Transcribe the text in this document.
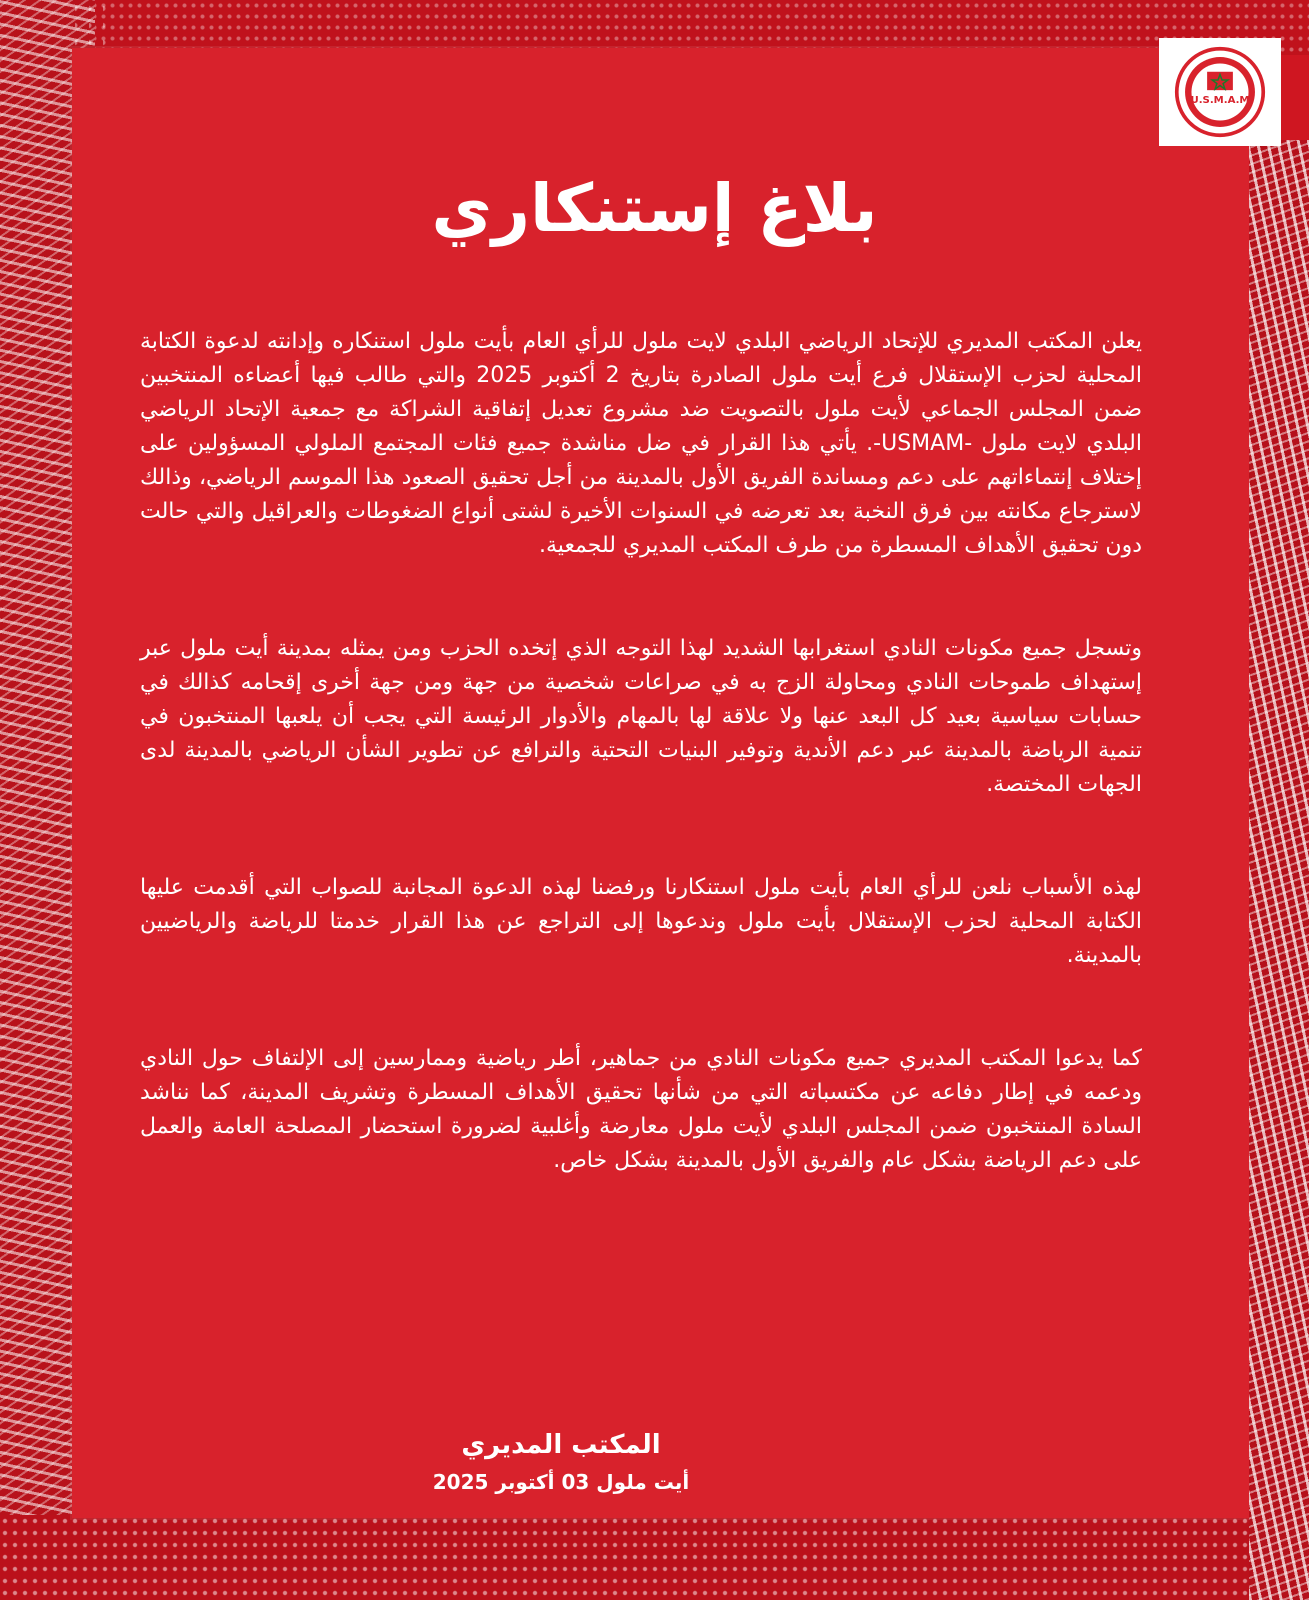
U.S.M.A.M
بلاغ إستنكاري

يعلن المكتب المديري للإتحاد الرياضي البلدي لايت ملول للرأي العام بأيت ملول استنكاره وإدانته لدعوة الكتابة المحلية لحزب الإستقلال فرع أيت ملول الصادرة بتاريخ 2 أكتوبر 2025 والتي طالب فيها أعضاءه المنتخبين ضمن المجلس الجماعي لأيت ملول بالتصويت ضد مشروع تعديل إتفاقية الشراكة مع جمعية الإتحاد الرياضي البلدي لايت ملول -USMAM-. يأتي هذا القرار في ضل مناشدة جميع فئات المجتمع الملولي المسؤولين على إختلاف إنتماءاتهم على دعم ومساندة الفريق الأول بالمدينة من أجل تحقيق الصعود هذا الموسم الرياضي، وذالك لاسترجاع مكانته بين فرق النخبة بعد تعرضه في السنوات الأخيرة لشتى أنواع الضغوطات والعراقيل والتي حالت دون تحقيق الأهداف المسطرة من طرف المكتب المديري للجمعية.

وتسجل جميع مكونات النادي استغرابها الشديد لهذا التوجه الذي إتخده الحزب ومن يمثله بمدينة أيت ملول عبر إستهداف طموحات النادي ومحاولة الزج به في صراعات شخصية من جهة ومن جهة أخرى إقحامه كذالك في حسابات سياسية بعيد كل البعد عنها ولا علاقة لها بالمهام والأدوار الرئيسة التي يجب أن يلعبها المنتخبون في تنمية الرياضة بالمدينة عبر دعم الأندية وتوفير البنيات التحتية والترافع عن تطوير الشأن الرياضي بالمدينة لدى الجهات المختصة.

لهذه الأسباب نلعن للرأي العام بأيت ملول استنكارنا ورفضنا لهذه الدعوة المجانبة للصواب التي أقدمت عليها الكتابة المحلية لحزب الإستقلال بأيت ملول وندعوها إلى التراجع عن هذا القرار خدمتا للرياضة والرياضيين بالمدينة.

كما يدعوا المكتب المديري جميع مكونات النادي من جماهير، أطر رياضية وممارسين إلى الإلتفاف حول النادي ودعمه في إطار دفاعه عن مكتسباته التي من شأنها تحقيق الأهداف المسطرة وتشريف المدينة، كما نناشد السادة المنتخبون ضمن المجلس البلدي لأيت ملول معارضة وأغلبية لضرورة استحضار المصلحة العامة والعمل على دعم الرياضة بشكل عام والفريق الأول بالمدينة بشكل خاص.

المكتب المديري
أيت ملول 03 أكتوبر 2025
